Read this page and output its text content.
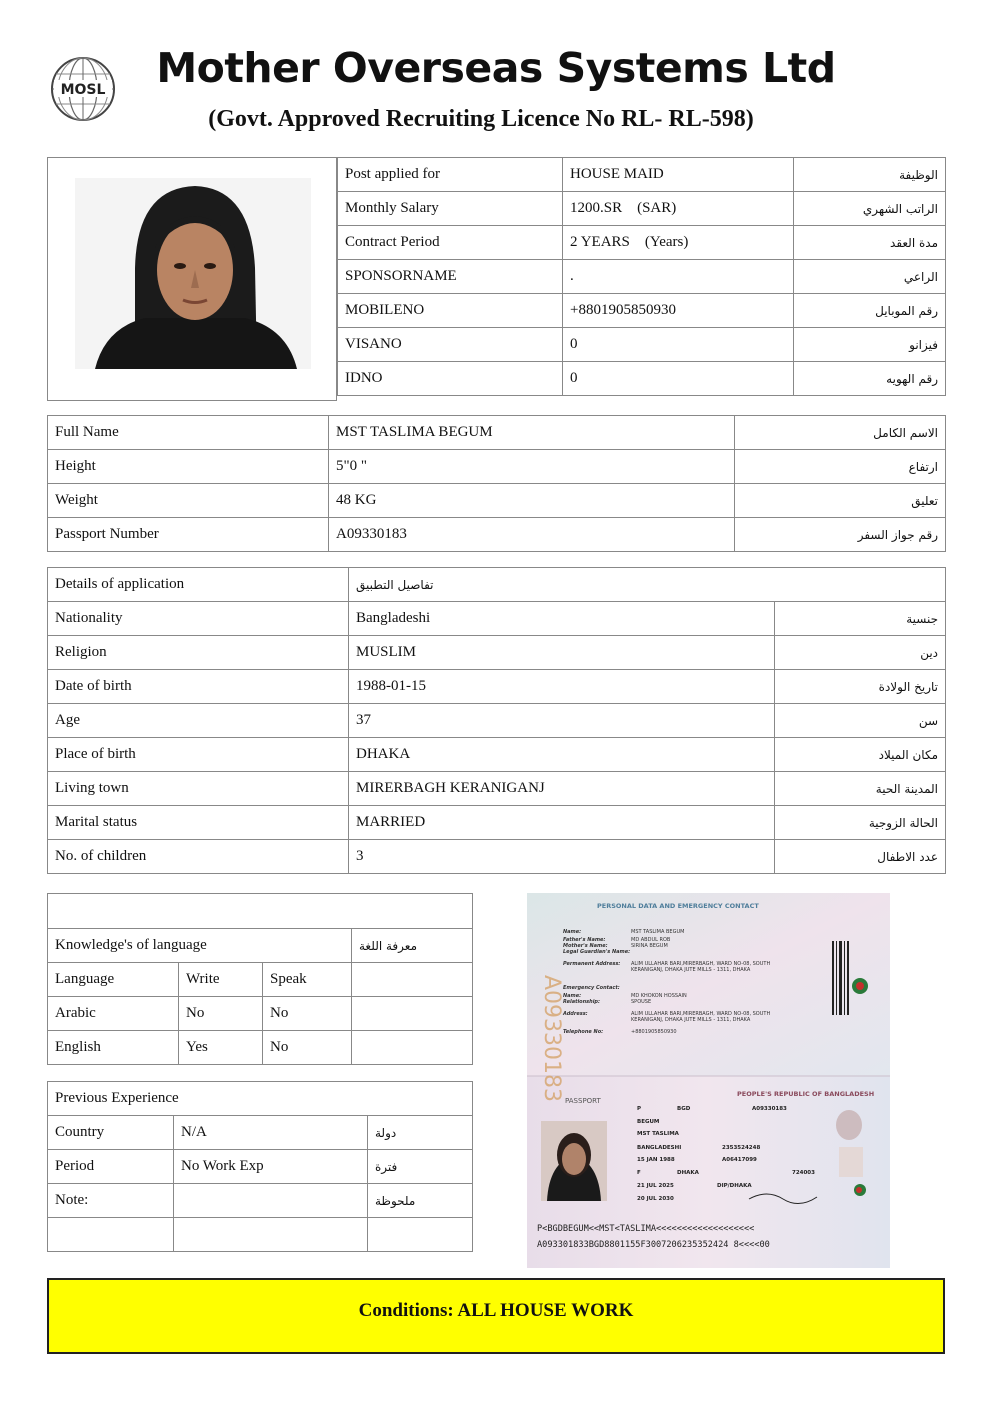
MOSL	Mother Overseas Systems Ltd
(Govt. Approved Recruiting Licence No RL- RL-598)
Post applied for	HOUSE MAID	الوظيفة
Monthly Salary	1200.SR    (SAR)	الراتب الشهري
Contract Period	2 YEARS    (Years)	مدة العقد
SPONSORNAME	.	الراعي
MOBILENO	+8801905850930	رقم الموبايل
VISANO	0	فيزانو
IDNO	0	رقم الهويه
Full Name	MST TASLIMA BEGUM	الاسم الكامل
Height	5"0 "	ارتفاع
Weight	48 KG	تعليق
Passport Number	A09330183	رقم جواز السفر
Details of application	تفاصيل التطبيق	
Nationality	Bangladeshi	جنسية
Religion	MUSLIM	دين
Date of birth	1988-01-15	تاريخ الولادة
Age	37	سن
Place of birth	DHAKA	مكان الميلاد
Living town	MIRERBAGH KERANIGANJ	المدينة الحية
Marital status	MARRIED	الحالة الزوجية
No. of children	3	عدد الاطفال

Knowledge's of language			معرفة اللغة
Language	Write	Speak	
Arabic	No	No	
English	Yes	No	
Previous Experience		
Country	N/A	دولة
Period	No Work Exp	فترة
Note:		ملحوظة

PERSONAL DATA AND EMERGENCY CONTACT
A09330183
Name:	MST TASLIMA BEGUM
Father's Name:	MD ABDUL ROB
Mother's Name:	SIRINA BEGUM
Legal Guardian's Name:
Permanent Address: ALIM ULLAHAR BARI,MIRERBAGH, WARD NO-08, SOUTH KERANIGANJ, DHAKA JUTE MILLS - 1311, DHAKA
Emergency Contact:
Name:	MD KHOKON HOSSAIN
Relationship:	SPOUSE
Address:	ALIM ULLAHAR BARI,MIRERBAGH, WARD NO-08, SOUTH KERANIGANJ, DHAKA JUTE MILLS - 1311, DHAKA
Telephone No:	+8801905850930
PASSPORT
PEOPLE'S REPUBLIC OF BANGLADESH
P	BGD	A09330183
BEGUM
MST TASLIMA
BANGLADESHI	2353524248
15 JAN 1988	A06417099
F	DHAKA	724003
21 JUL 2025	DIP/DHAKA
20 JUL 2030
P<BGDBEGUM<<MST<TASLIMA<<<<<<<<<<<<<<<<<<<
A093301833BGD8801155F3007206235352424 8<<<<00
Conditions: ALL HOUSE WORK
